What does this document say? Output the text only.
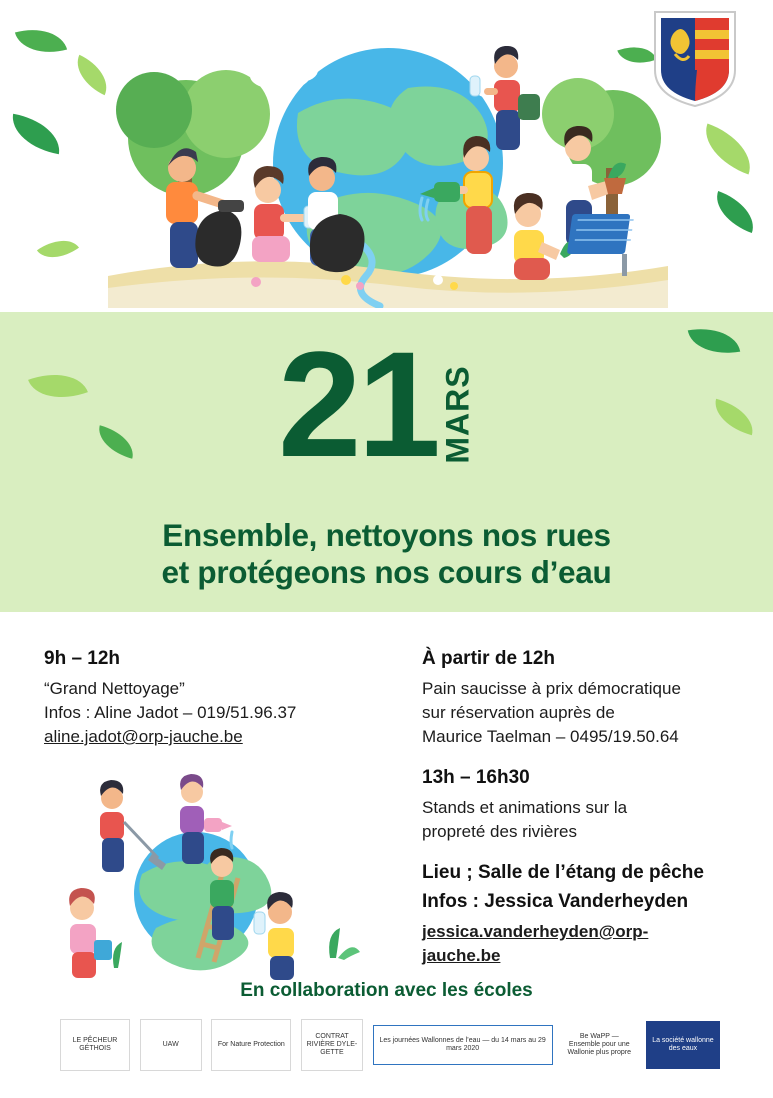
21 MARS
Ensemble, nettoyons nos rues
et protégeons nos cours d’eau
9h – 12h
“Grand Nettoyage”
Infos : Aline Jadot – 019/51.96.37
aline.jadot@orp-jauche.be
À partir de 12h
Pain saucisse à prix démocratique
sur réservation auprès de
Maurice Taelman – 0495/19.50.64
13h – 16h30
Stands et animations sur la
propreté des rivières
Lieu ; Salle de l’étang de pêche
Infos : Jessica Vanderheyden
jessica.vanderheyden@orp-
jauche.be
En collaboration avec les écoles
LE PÊCHEUR GÉTHOIS
UAW	For Nature Protection
CONTRAT RIVIÈRE DYLE-GETTE
Les journées Wallonnes de l’eau — du 14 mars au 29 mars 2020
Be WaPP — Ensemble pour une Wallonie plus propre
La société wallonne des eaux
